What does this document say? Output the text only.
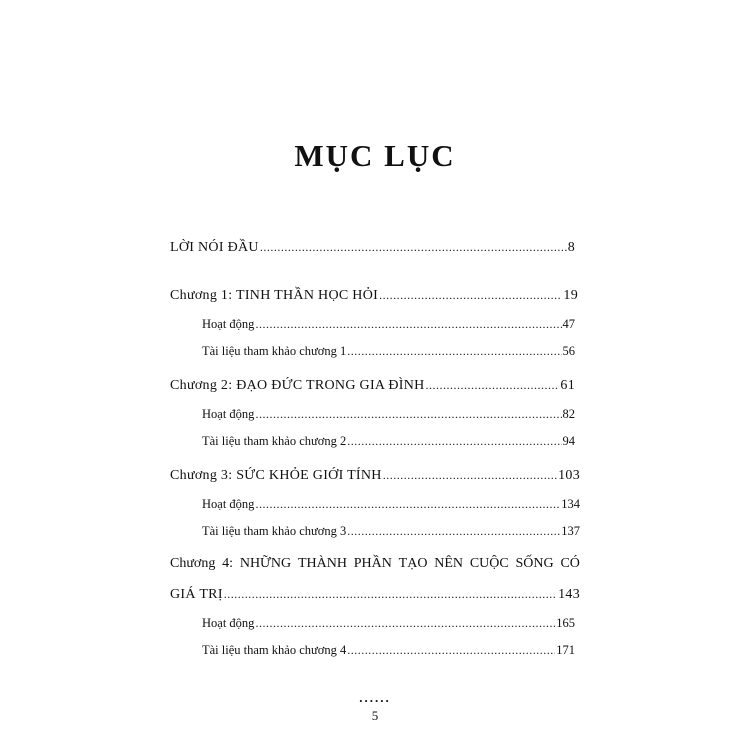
MỤC LỤC
LỜI NÓI ĐẦU .....	8
Chương 1: TINH THẦN HỌC HỎI .....	19
Hoạt động .....	47
Tài liệu tham khảo chương 1 .....	56
Chương 2: ĐẠO ĐỨC TRONG GIA ĐÌNH .....	61
Hoạt động .....	82
Tài liệu tham khảo chương 2 .....	94
Chương 3: SỨC KHỎE GIỚI TÍNH .....	103
Hoạt động .....	134
Tài liệu tham khảo chương 3 .....	137
Chương 4: NHỮNG THÀNH PHẦN TẠO NÊN CUỘC SỐNG CÓ
GIÁ TRỊ .....	143
Hoạt động .....	165
Tài liệu tham khảo chương 4 .....	171
......
5
